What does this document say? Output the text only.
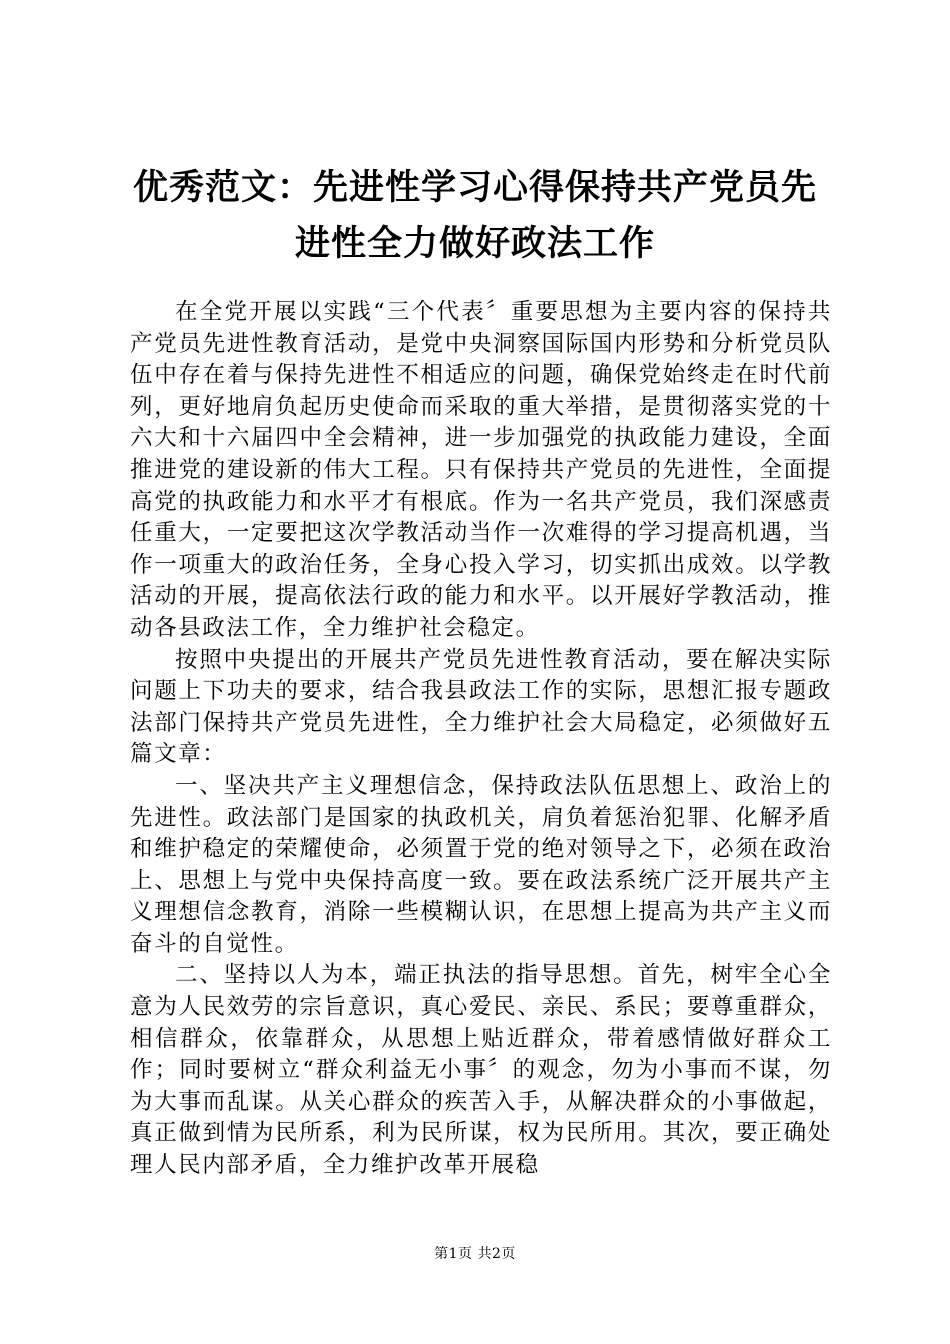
优秀范文：先进性学习心得保持共产党员先进性全力做好政法工作

在全党开展以实践“三个代表〞重要思想为主要内容的保持共产党员先进性教育活动，是党中央洞察国际国内形势和分析党员队伍中存在着与保持先进性不相适应的问题，确保党始终走在时代前列，更好地肩负起历史使命而采取的重大举措，是贯彻落实党的十六大和十六届四中全会精神，进一步加强党的执政能力建设，全面推进党的建设新的伟大工程。只有保持共产党员的先进性，全面提高党的执政能力和水平才有根底。作为一名共产党员，我们深感责任重大，一定要把这次学教活动当作一次难得的学习提高机遇，当作一项重大的政治任务，全身心投入学习，切实抓出成效。以学教活动的开展，提高依法行政的能力和水平。以开展好学教活动，推动各县政法工作，全力维护社会稳定。

按照中央提出的开展共产党员先进性教育活动，要在解决实际问题上下功夫的要求，结合我县政法工作的实际，思想汇报专题政法部门保持共产党员先进性，全力维护社会大局稳定，必须做好五篇文章：

一、坚决共产主义理想信念，保持政法队伍思想上、政治上的先进性。政法部门是国家的执政机关，肩负着惩治犯罪、化解矛盾和维护稳定的荣耀使命，必须置于党的绝对领导之下，必须在政治上、思想上与党中央保持高度一致。要在政法系统广泛开展共产主义理想信念教育，消除一些模糊认识，在思想上提高为共产主义而奋斗的自觉性。

二、坚持以人为本，端正执法的指导思想。首先，树牢全心全意为人民效劳的宗旨意识，真心爱民、亲民、系民；要尊重群众，相信群众，依靠群众，从思想上贴近群众，带着感情做好群众工作；同时要树立“群众利益无小事〞的观念，勿为小事而不谋，勿为大事而乱谋。从关心群众的疾苦入手，从解决群众的小事做起，真正做到情为民所系，利为民所谋，权为民所用。其次，要正确处理人民内部矛盾，全力维护改革开展稳

第1页 共2页
